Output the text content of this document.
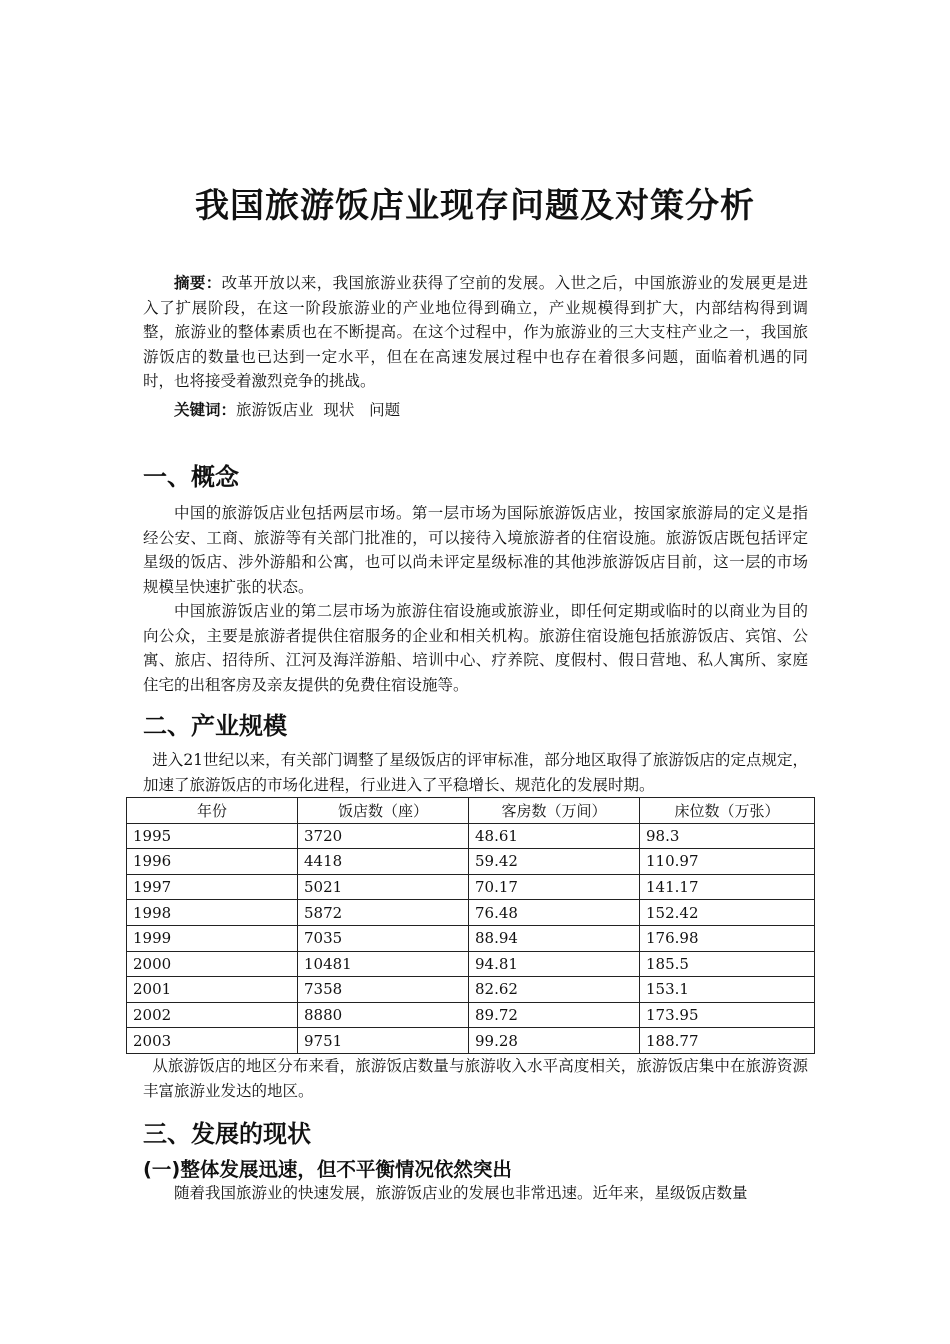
我国旅游饭店业现存问题及对策分析
摘要：改革开放以来，我国旅游业获得了空前的发展。入世之后，中国旅游业的发展更是进入了扩展阶段，在这一阶段旅游业的产业地位得到确立，产业规模得到扩大，内部结构得到调整，旅游业的整体素质也在不断提高。在这个过程中，作为旅游业的三大支柱产业之一，我国旅游饭店的数量也已达到一定水平，但在在高速发展过程中也存在着很多问题，面临着机遇的同时，也将接受着激烈竞争的挑战。
关键词：旅游饭店业  现状   问题
一、概念
中国的旅游饭店业包括两层市场。第一层市场为国际旅游饭店业，按国家旅游局的定义是指经公安、工商、旅游等有关部门批准的，可以接待入境旅游者的住宿设施。旅游饭店既包括评定星级的饭店、涉外游船和公寓，也可以尚未评定星级标准的其他涉旅游饭店目前，这一层的市场规模呈快速扩张的状态。
中国旅游饭店业的第二层市场为旅游住宿设施或旅游业，即任何定期或临时的以商业为目的向公众，主要是旅游者提供住宿服务的企业和相关机构。旅游住宿设施包括旅游饭店、宾馆、公寓、旅店、招待所、江河及海洋游船、培训中心、疗养院、度假村、假日营地、私人寓所、家庭住宅的出租客房及亲友提供的免费住宿设施等。
二、产业规模
进入21世纪以来，有关部门调整了星级饭店的评审标准，部分地区取得了旅游饭店的定点规定，加速了旅游饭店的市场化进程，行业进入了平稳增长、规范化的发展时期。
年份	饭店数（座）	客房数（万间）	床位数（万张）
1995	3720	48.61	98.3
1996	4418	59.42	110.97
1997	5021	70.17	141.17
1998	5872	76.48	152.42
1999	7035	88.94	176.98
2000	10481	94.81	185.5
2001	7358	82.62	153.1
2002	8880	89.72	173.95
2003	9751	99.28	188.77
从旅游饭店的地区分布来看，旅游饭店数量与旅游收入水平高度相关，旅游饭店集中在旅游资源丰富旅游业发达的地区。
三、发展的现状
(一)整体发展迅速，但不平衡情况依然突出
随着我国旅游业的快速发展，旅游饭店业的发展也非常迅速。近年来，星级饭店数量
